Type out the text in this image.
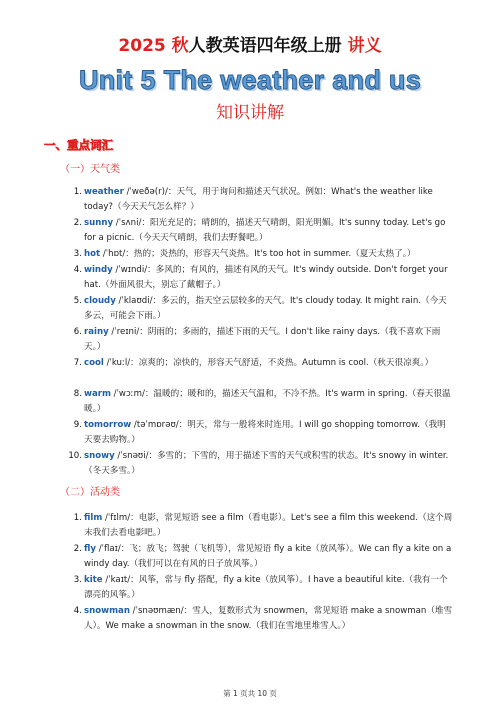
2025 秋人教英语四年级上册 讲义
Unit 5 The weather and us
知识讲解
一、重点词汇
（一）天气类
1. weather /ˈweðə(r)/：天气，用于询问和描述天气状况。例如：What's the weather like today?（今天天气怎么样？）
2. sunny /ˈsʌni/：阳光充足的；晴朗的，描述天气晴朗，阳光明媚。It's sunny today. Let's go for a picnic.（今天天气晴朗，我们去野餐吧。）
3. hot /ˈhɒt/：热的；炎热的，形容天气炎热。It's too hot in summer.（夏天太热了。）
4. windy /ˈwɪndi/：多风的；有风的，描述有风的天气。It's windy outside. Don't forget your hat.（外面风很大，别忘了戴帽子。）
5. cloudy /ˈklaʊdi/：多云的，指天空云层较多的天气。It's cloudy today. It might rain.（今天多云，可能会下雨。）
6. rainy /ˈreɪni/：阴雨的；多雨的，描述下雨的天气。I don't like rainy days.（我不喜欢下雨天。）
7. cool /ˈkuːl/：凉爽的；凉快的，形容天气舒适，不炎热。Autumn is cool.（秋天很凉爽。）
8. warm /ˈwɔːm/：温暖的；暖和的，描述天气温和，不冷不热。It's warm in spring.（春天很温暖。）
9. tomorrow /təˈmɒrəʊ/：明天，常与一般将来时连用。I will go shopping tomorrow.（我明天要去购物。）
10. snowy /ˈsnəʊi/：多雪的；下雪的，用于描述下雪的天气或积雪的状态。It's snowy in winter.（冬天多雪。）
（二）活动类
1. film /ˈfɪlm/：电影，常见短语 see a film（看电影）。Let's see a film this weekend.（这个周末我们去看电影吧。）
2. fly /ˈflaɪ/：飞；放飞；驾驶（飞机等），常见短语 fly a kite（放风筝）。We can fly a kite on a windy day.（我们可以在有风的日子放风筝。）
3. kite /ˈkaɪt/：风筝，常与 fly 搭配，fly a kite（放风筝）。I have a beautiful kite.（我有一个漂亮的风筝。）
4. snowman /ˈsnəʊmæn/：雪人，复数形式为 snowmen，常见短语 make a snowman（堆雪人）。We make a snowman in the snow.（我们在雪地里堆雪人。）
第 1 页共 10 页
